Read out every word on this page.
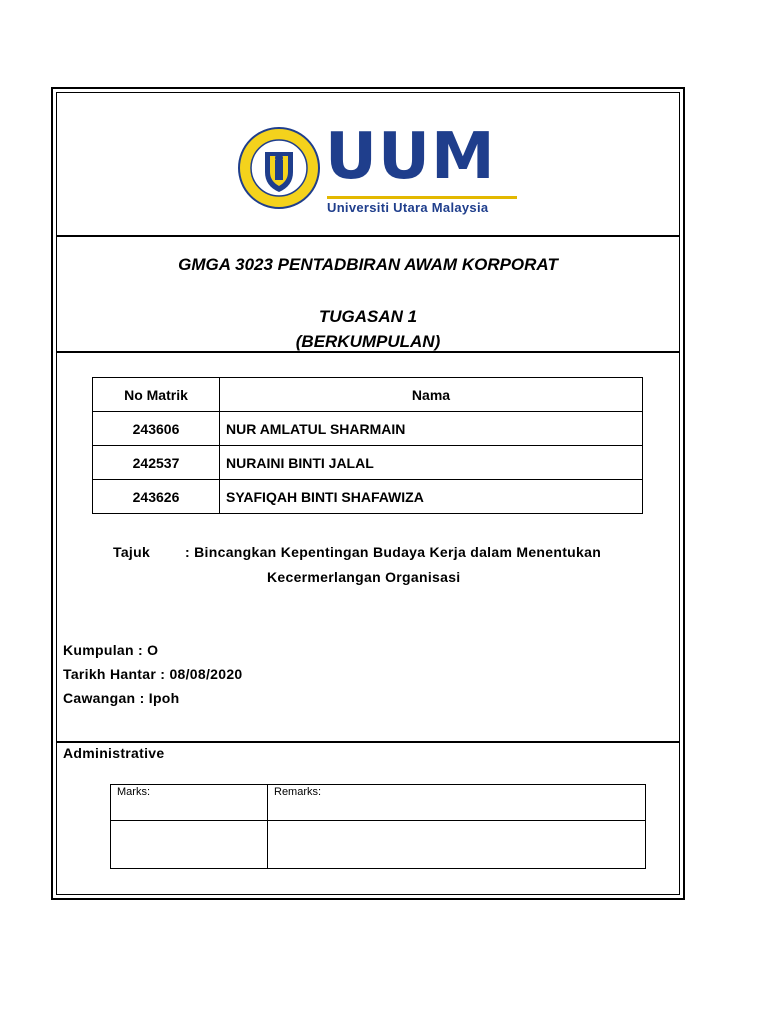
UUM
Universiti Utara Malaysia
GMGA 3023 PENTADBIRAN AWAM KORPORAT
TUGASAN 1
(BERKUMPULAN)
No Matrik	Nama
243606	NUR AMLATUL SHARMAIN
242537	NURAINI BINTI JALAL
243626	SYAFIQAH BINTI SHAFAWIZA
Tajuk : Bincangkan Kepentingan Budaya Kerja dalam Menentukan
Kecermerlangan Organisasi
Kumpulan : O
Tarikh Hantar : 08/08/2020
Cawangan : Ipoh
Administrative
Marks:	Remarks:
